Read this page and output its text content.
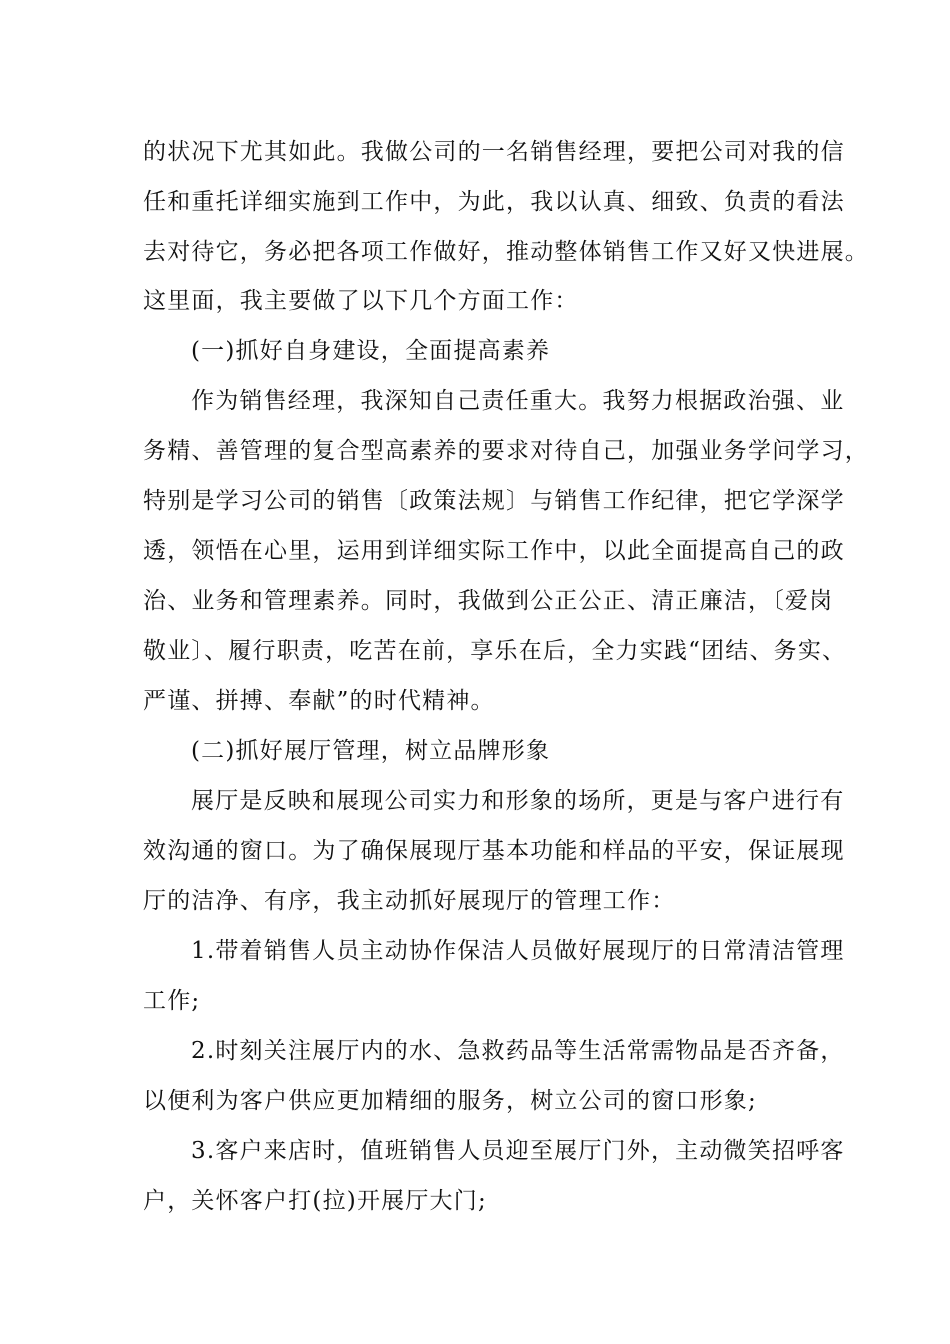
的状况下尤其如此。我做公司的一名销售经理，要把公司对我的信
任和重托详细实施到工作中，为此，我以认真、细致、负责的看法
去对待它，务必把各项工作做好，推动整体销售工作又好又快进展。
这里面，我主要做了以下几个方面工作：
(一)抓好自身建设，全面提高素养
作为销售经理，我深知自己责任重大。我努力根据政治强、业
务精、善管理的复合型高素养的要求对待自己，加强业务学问学习，
特别是学习公司的销售〔政策法规〕与销售工作纪律，把它学深学
透，领悟在心里，运用到详细实际工作中，以此全面提高自己的政
治、业务和管理素养。同时，我做到公正公正、清正廉洁，〔爱岗
敬业〕、履行职责，吃苦在前，享乐在后，全力实践“团结、务实、
严谨、拼搏、奉献”的时代精神。
(二)抓好展厅管理，树立品牌形象
展厅是反映和展现公司实力和形象的场所，更是与客户进行有
效沟通的窗口。为了确保展现厅基本功能和样品的平安，保证展现
厅的洁净、有序，我主动抓好展现厅的管理工作：
1.带着销售人员主动协作保洁人员做好展现厅的日常清洁管理
工作;
2.时刻关注展厅内的水、急救药品等生活常需物品是否齐备，
以便利为客户供应更加精细的服务，树立公司的窗口形象;
3.客户来店时，值班销售人员迎至展厅门外，主动微笑招呼客
户，关怀客户打(拉)开展厅大门;
